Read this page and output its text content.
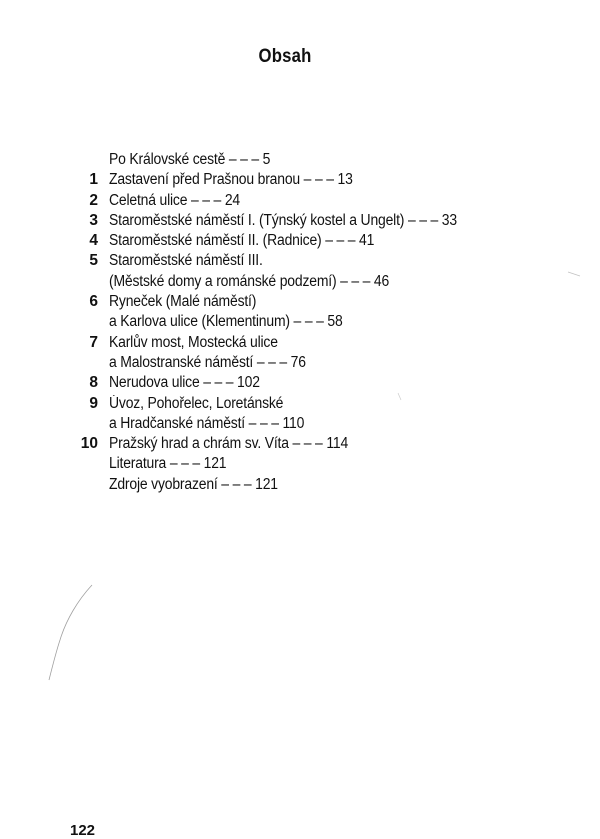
Obsah
Po Královské cestě – – – 5
1 Zastavení před Prašnou branou – – – 13
2 Celetná ulice – – – 24
3 Staroměstské náměstí I. (Týnský kostel a Ungelt) – – – 33
4 Staroměstské náměstí II. (Radnice) – – – 41
5 Staroměstské náměstí III.
(Městské domy a románské podzemí) – – – 46
6 Ryneček (Malé náměstí)
a Karlova ulice (Klementinum) – – – 58
7 Karlův most, Mostecká ulice
a Malostranské náměstí – – – 76
8 Nerudova ulice – – – 102
9 Úvoz, Pohořelec, Loretánské
a Hradčanské náměstí – – – 110
10 Pražský hrad a chrám sv. Víta – – – 114
Literatura – – – 121
Zdroje vyobrazení – – – 121
122
